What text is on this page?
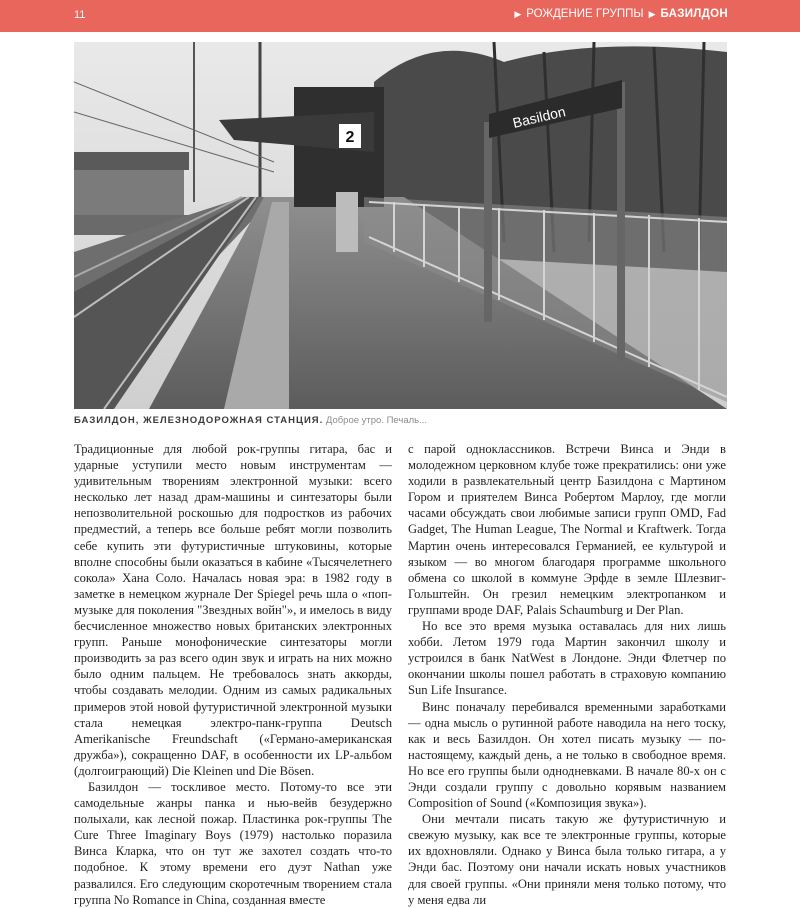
11	▶ РОЖДЕНИЕ ГРУППЫ ▶ БАЗИЛДОН
2
Basildon
БАЗИЛДОН, ЖЕЛЕЗНОДОРОЖНАЯ СТАНЦИЯ. Доброе утро. Печаль...

Традиционные для любой рок-группы гитара, бас и ударные уступили место новым инструментам — удивительным творениям электронной музыки: всего несколько лет назад драм-машины и синтезаторы были непозволительной роскошью для подростков из рабочих предместий, а теперь все больше ребят могли позволить себе купить эти футуристичные штуковины, которые вполне способны были оказаться в кабине «Тысячелетнего сокола» Хана Соло. Началась новая эра: в 1982 году в заметке в немецком журнале Der Spiegel речь шла о «поп-музыке для поколения "Звездных войн"», и имелось в виду бесчисленное множество новых британских электронных групп. Раньше монофонические синтезаторы могли производить за раз всего один звук и играть на них можно было одним пальцем. Не требовалось знать аккорды, чтобы создавать мелодии. Одним из самых радикальных примеров этой новой футуристичной электронной музыки стала немецкая электро-панк-группа Deutsch Amerikanische Freundschaft («Германо-американская дружба»), сокращенно DAF, в особенности их LP-альбом (долгоиграющий) Die Kleinen und Die Bösen.

Базилдон — тоскливое место. Потому-то все эти самодельные жанры панка и нью-вейв безудержно полыхали, как лесной пожар. Пластинка рок-группы The Cure Three Imaginary Boys (1979) настолько поразила Винса Кларка, что он тут же захотел создать что-то подобное. К этому времени его дуэт Nathan уже развалился. Его следующим скоротечным творением стала группа No Romance in China, созданная вместе

с парой одноклассников. Встречи Винса и Энди в молодежном церковном клубе тоже прекратились: они уже ходили в развлекательный центр Базилдона с Мартином Гором и приятелем Винса Робертом Марлоу, где могли часами обсуждать свои любимые записи групп OMD, Fad Gadget, The Human League, The Normal и Kraftwerk. Тогда Мартин очень интересовался Германией, ее культурой и языком — во многом благодаря программе школьного обмена со школой в коммуне Эрфде в земле Шлезвиг-Гольштейн. Он грезил немецким электропанком и группами вроде DAF, Palais Schaumburg и Der Plan.

Но все это время музыка оставалась для них лишь хобби. Летом 1979 года Мартин закончил школу и устроился в банк NatWest в Лондоне. Энди Флетчер по окончании школы пошел работать в страховую компанию Sun Life Insurance.

Винс поначалу перебивался временными заработками — одна мысль о рутинной работе наводила на него тоску, как и весь Базилдон. Он хотел писать музыку — по-настоящему, каждый день, а не только в свободное время. Но все его группы были однодневками. В начале 80-х он с Энди создали группу с довольно корявым названием Composition of Sound («Композиция звука»).

Они мечтали писать такую же футуристичную и свежую музыку, как все те электронные группы, которые их вдохновляли. Однако у Винса была только гитара, а у Энди бас. Поэтому они начали искать новых участников для своей группы. «Они приняли меня только потому, что у меня едва ли
